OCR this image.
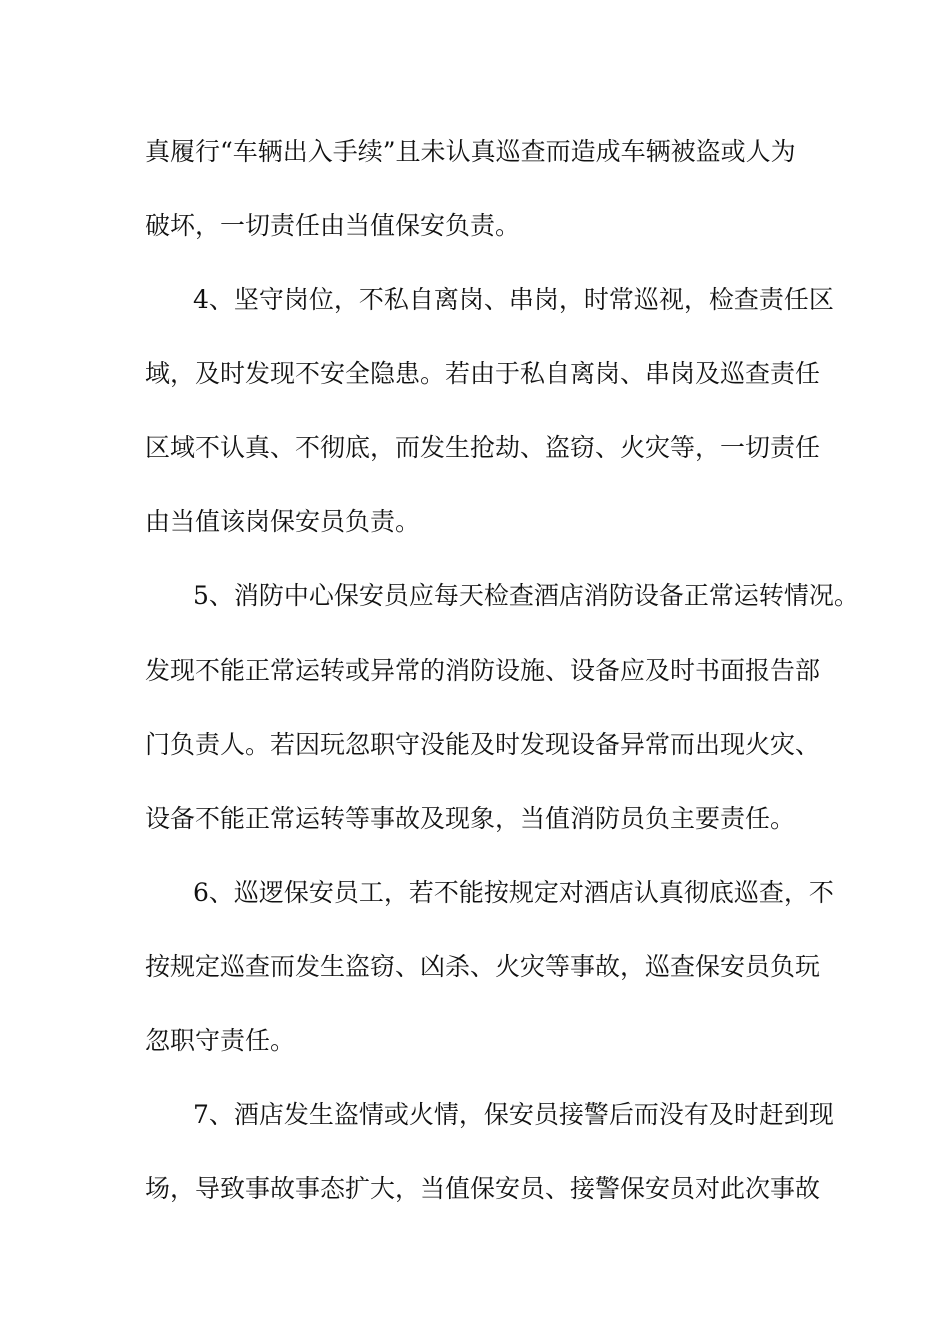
真履行“车辆出入手续”且未认真巡查而造成车辆被盗或人为
破坏，一切责任由当值保安负责。
4、坚守岗位，不私自离岗、串岗，时常巡视，检查责任区
域，及时发现不安全隐患。若由于私自离岗、串岗及巡查责任
区域不认真、不彻底，而发生抢劫、盗窃、火灾等，一切责任
由当值该岗保安员负责。
5、消防中心保安员应每天检查酒店消防设备正常运转情况。
发现不能正常运转或异常的消防设施、设备应及时书面报告部
门负责人。若因玩忽职守没能及时发现设备异常而出现火灾、
设备不能正常运转等事故及现象，当值消防员负主要责任。
6、巡逻保安员工，若不能按规定对酒店认真彻底巡查，不
按规定巡查而发生盗窃、凶杀、火灾等事故，巡查保安员负玩
忽职守责任。
7、酒店发生盗情或火情，保安员接警后而没有及时赶到现
场，导致事故事态扩大，当值保安员、接警保安员对此次事故
